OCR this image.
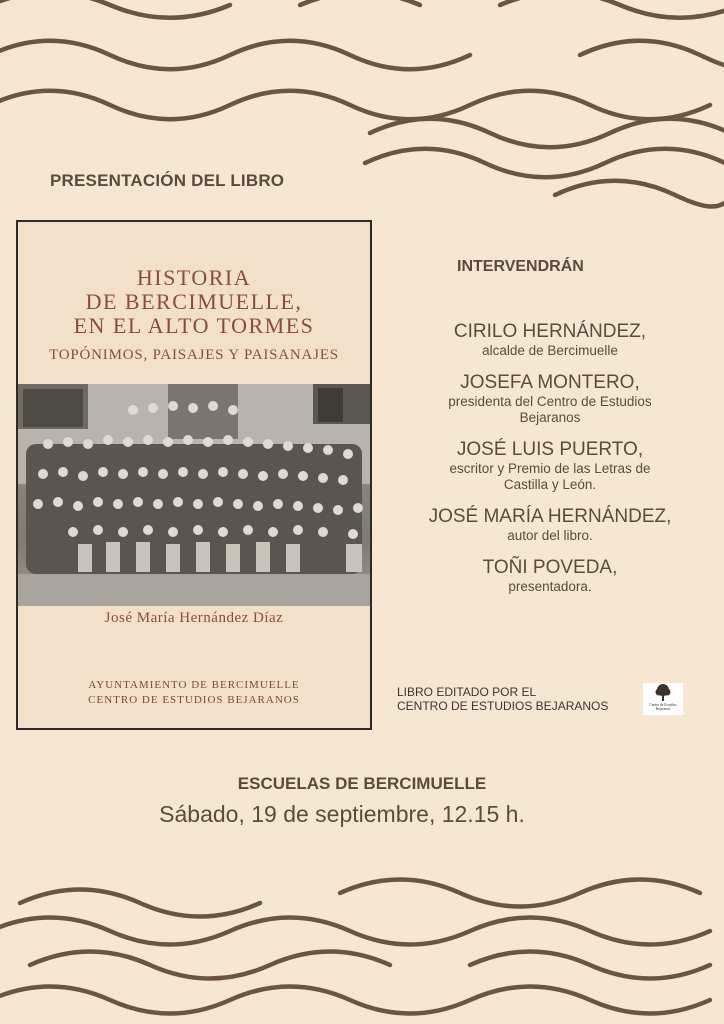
PRESENTACIÓN DEL LIBRO
HISTORIA
DE BERCIMUELLE,
EN EL ALTO TORMES
TOPÓNIMOS, PAISAJES Y PAISANAJES
José María Hernández Díaz
AYUNTAMIENTO DE BERCIMUELLE
CENTRO DE ESTUDIOS BEJARANOS
INTERVENDRÁN
CIRILO HERNÁNDEZ,
alcalde de Bercimuelle
JOSEFA MONTERO,
presidenta del Centro de Estudios
Bejaranos
JOSÉ LUIS PUERTO,
escritor y Premio de las Letras de
Castilla y León.
JOSÉ MARÍA HERNÁNDEZ,
autor del libro.
TOÑI POVEDA,
presentadora.
LIBRO EDITADO POR EL
CENTRO DE ESTUDIOS BEJARANOS	Centro de Estudios
Bejaranos
ESCUELAS DE BERCIMUELLE
Sábado, 19 de septiembre, 12.15 h.
